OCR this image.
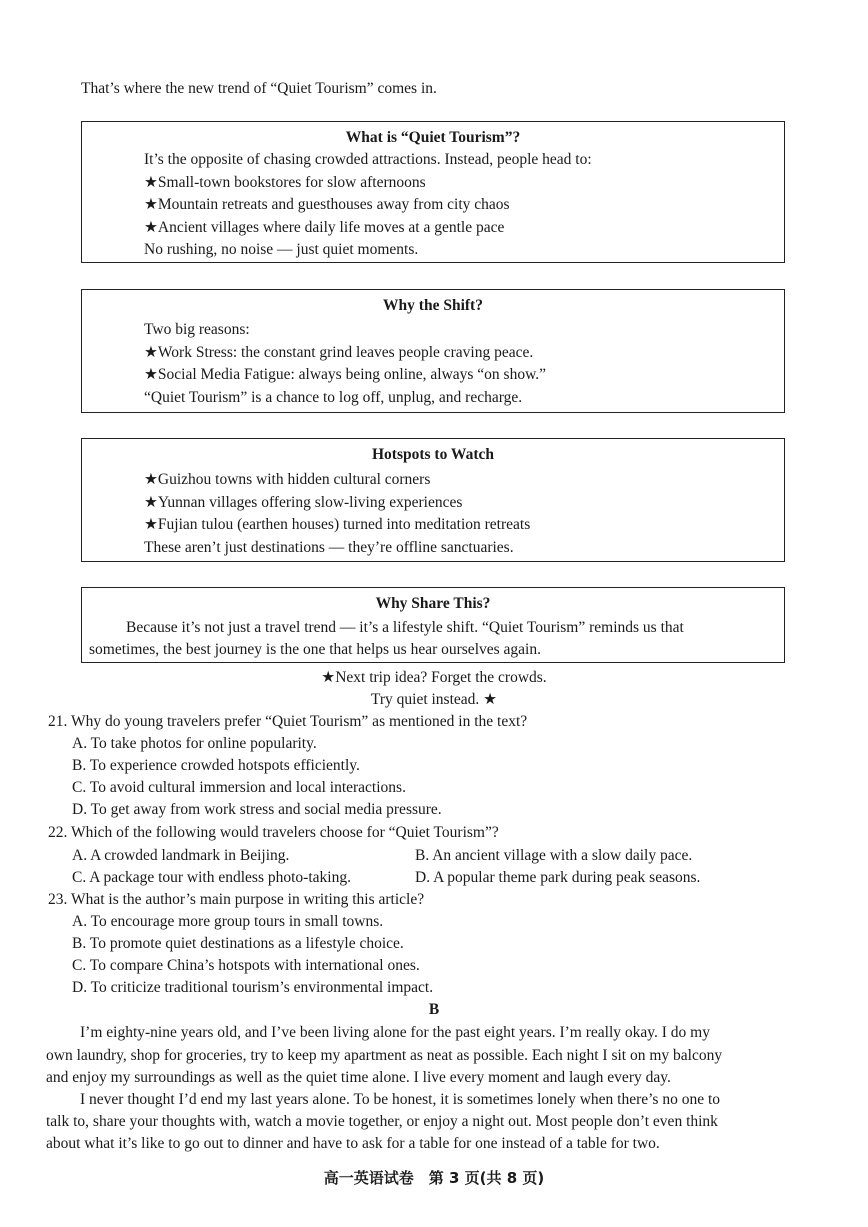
That’s where the new trend of “Quiet Tourism” comes in.
What is “Quiet Tourism”?
It’s the opposite of chasing crowded attractions. Instead, people head to:
★Small-town bookstores for slow afternoons
★Mountain retreats and guesthouses away from city chaos
★Ancient villages where daily life moves at a gentle pace
No rushing, no noise — just quiet moments.
Why the Shift?
Two big reasons:
★Work Stress: the constant grind leaves people craving peace.
★Social Media Fatigue: always being online, always “on show.”
“Quiet Tourism” is a chance to log off, unplug, and recharge.
Hotspots to Watch
★Guizhou towns with hidden cultural corners
★Yunnan villages offering slow-living experiences
★Fujian tulou (earthen houses) turned into meditation retreats
These aren’t just destinations — they’re offline sanctuaries.
Why Share This?
Because it’s not just a travel trend — it’s a lifestyle shift. “Quiet Tourism” reminds us that
sometimes, the best journey is the one that helps us hear ourselves again.
★Next trip idea? Forget the crowds.
Try quiet instead. ★
21. Why do young travelers prefer “Quiet Tourism” as mentioned in the text?
A. To take photos for online popularity.
B. To experience crowded hotspots efficiently.
C. To avoid cultural immersion and local interactions.
D. To get away from work stress and social media pressure.
22. Which of the following would travelers choose for “Quiet Tourism”?
A. A crowded landmark in Beijing.	B. An ancient village with a slow daily pace.
C. A package tour with endless photo-taking.	D. A popular theme park during peak seasons.
23. What is the author’s main purpose in writing this article?
A. To encourage more group tours in small towns.
B. To promote quiet destinations as a lifestyle choice.
C. To compare China’s hotspots with international ones.
D. To criticize traditional tourism’s environmental impact.
B
I’m eighty-nine years old, and I’ve been living alone for the past eight years. I’m really okay. I do my
own laundry, shop for groceries, try to keep my apartment as neat as possible. Each night I sit on my balcony
and enjoy my surroundings as well as the quiet time alone. I live every moment and laugh every day.
I never thought I’d end my last years alone. To be honest, it is sometimes lonely when there’s no one to
talk to, share your thoughts with, watch a movie together, or enjoy a night out. Most people don’t even think
about what it’s like to go out to dinner and have to ask for a table for one instead of a table for two.
高一英语试卷　第 3 页(共 8 页)
